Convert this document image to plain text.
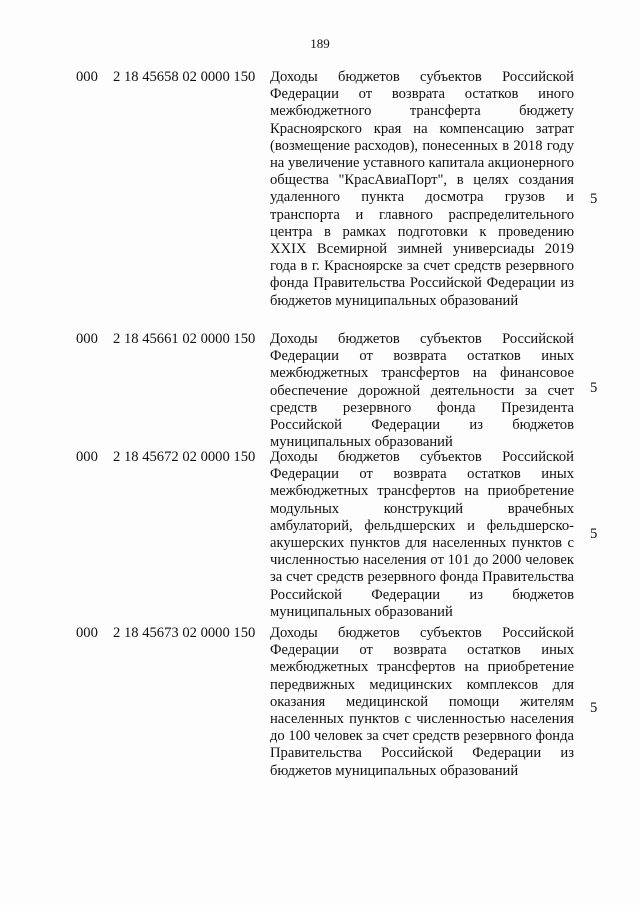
189
000 2 18 45658 02 0000 150 Доходы бюджетов субъектов Российской Федерации от возврата остатков иного межбюджетного трансферта бюджету Красноярского края на компенсацию затрат (возмещение расходов), понесенных в 2018 году на увеличение уставного капитала акционерного общества "КрасАвиаПорт", в целях создания удаленного пункта досмотра грузов и транспорта и главного распределительного центра в рамках подготовки к проведению XXIX Всемирной зимней универсиады 2019 года в г. Красноярске за счет средств резервного фонда Правительства Российской Федерации из бюджетов муниципальных образований
5
000 2 18 45661 02 0000 150 Доходы бюджетов субъектов Российской Федерации от возврата остатков иных межбюджетных трансфертов на финансовое обеспечение дорожной деятельности за счет средств резервного фонда Президента Российской Федерации из бюджетов муниципальных образований
5
000 2 18 45672 02 0000 150 Доходы бюджетов субъектов Российской Федерации от возврата остатков иных межбюджетных трансфертов на приобретение модульных конструкций врачебных амбулаторий, фельдшерских и фельдшерско-акушерских пунктов для населенных пунктов с численностью населения от 101 до 2000 человек за счет средств резервного фонда Правительства Российской Федерации из бюджетов муниципальных образований
5
000 2 18 45673 02 0000 150 Доходы бюджетов субъектов Российской Федерации от возврата остатков иных межбюджетных трансфертов на приобретение передвижных медицинских комплексов для оказания медицинской помощи жителям населенных пунктов с численностью населения до 100 человек за счет средств резервного фонда Правительства Российской Федерации из бюджетов муниципальных образований
5
